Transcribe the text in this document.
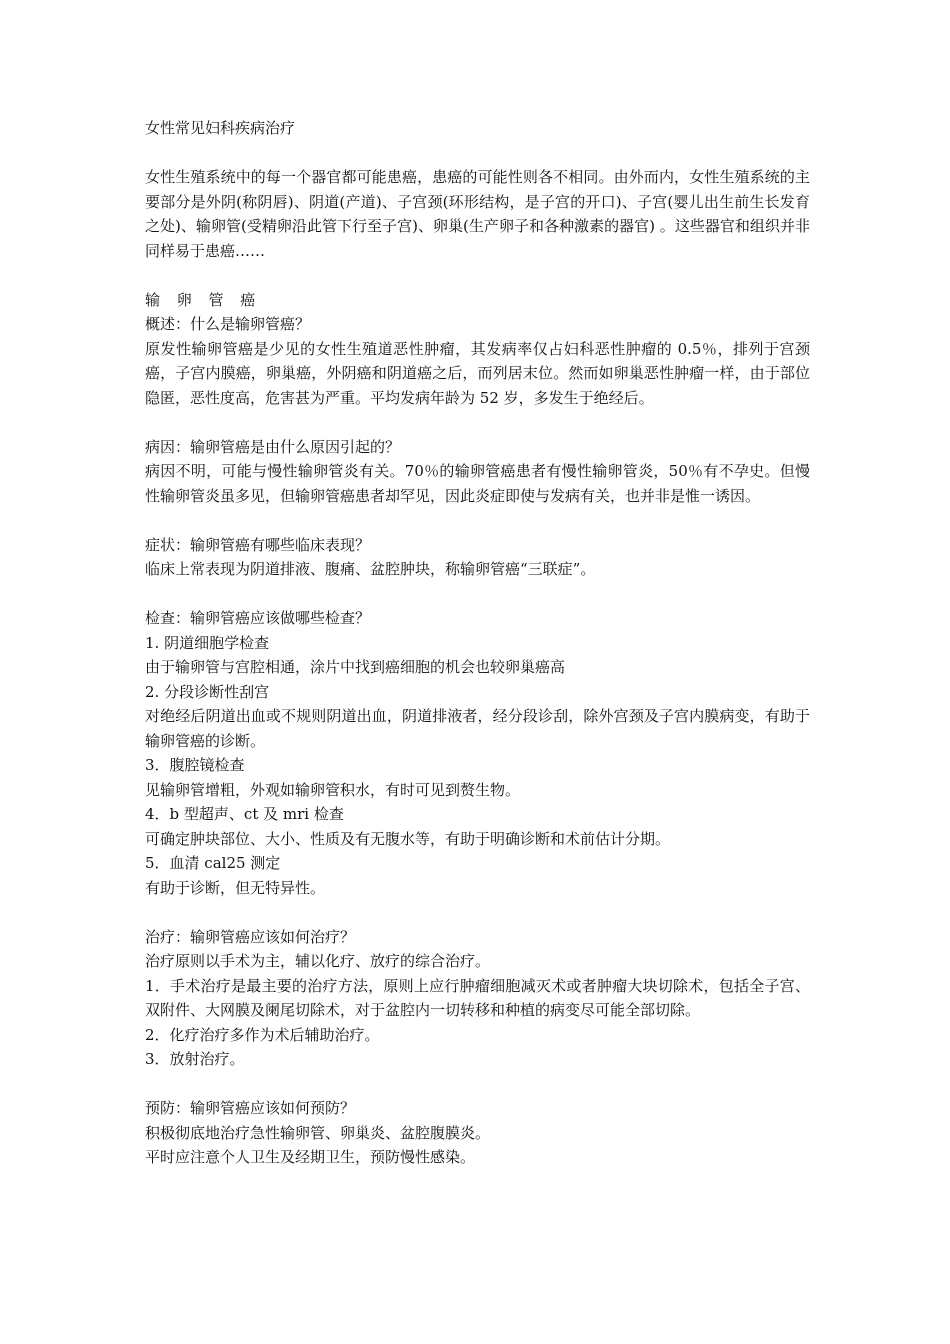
女性常见妇科疾病治疗
女性生殖系统中的每一个器官都可能患癌，患癌的可能性则各不相同。由外而内，女性生殖系统的主要部分是外阴(称阴唇)、阴道(产道)、子宫颈(环形结构，是子宫的开口)、子宫(婴儿出生前生长发育之处)、输卵管(受精卵沿此管下行至子宫)、卵巢(生产卵子和各种激素的器官) 。这些器官和组织并非同样易于患癌……
输 卵 管 癌
概述：什么是输卵管癌？
原发性输卵管癌是少见的女性生殖道恶性肿瘤，其发病率仅占妇科恶性肿瘤的 0.5％，排列于宫颈癌，子宫内膜癌，卵巢癌，外阴癌和阴道癌之后，而列居末位。然而如卵巢恶性肿瘤一样，由于部位隐匿，恶性度高，危害甚为严重。平均发病年龄为 52 岁，多发生于绝经后。
病因：输卵管癌是由什么原因引起的？
病因不明，可能与慢性输卵管炎有关。70％的输卵管癌患者有慢性输卵管炎，50％有不孕史。但慢性输卵管炎虽多见，但输卵管癌患者却罕见，因此炎症即使与发病有关，也并非是惟一诱因。
症状：输卵管癌有哪些临床表现？
临床上常表现为阴道排液、腹痛、盆腔肿块，称输卵管癌“三联症”。
检查：输卵管癌应该做哪些检查？
1. 阴道细胞学检查
由于输卵管与宫腔相通，涂片中找到癌细胞的机会也较卵巢癌高
2. 分段诊断性刮宫
对绝经后阴道出血或不规则阴道出血，阴道排液者，经分段诊刮，除外宫颈及子宫内膜病变，有助于输卵管癌的诊断。
3．腹腔镜检查
见输卵管增粗，外观如输卵管积水，有时可见到赘生物。
4．b 型超声、ct 及 mri 检查
可确定肿块部位、大小、性质及有无腹水等，有助于明确诊断和术前估计分期。
5．血清 cal25 测定
有助于诊断，但无特异性。
治疗：输卵管癌应该如何治疗？
治疗原则以手术为主，辅以化疗、放疗的综合治疗。
1．手术治疗是最主要的治疗方法，原则上应行肿瘤细胞减灭术或者肿瘤大块切除术，包括全子宫、双附件、大网膜及阑尾切除术，对于盆腔内一切转移和种植的病变尽可能全部切除。
2．化疗治疗多作为术后辅助治疗。
3．放射治疗。
预防：输卵管癌应该如何预防？
积极彻底地治疗急性输卵管、卵巢炎、盆腔腹膜炎。
平时应注意个人卫生及经期卫生，预防慢性感染。
